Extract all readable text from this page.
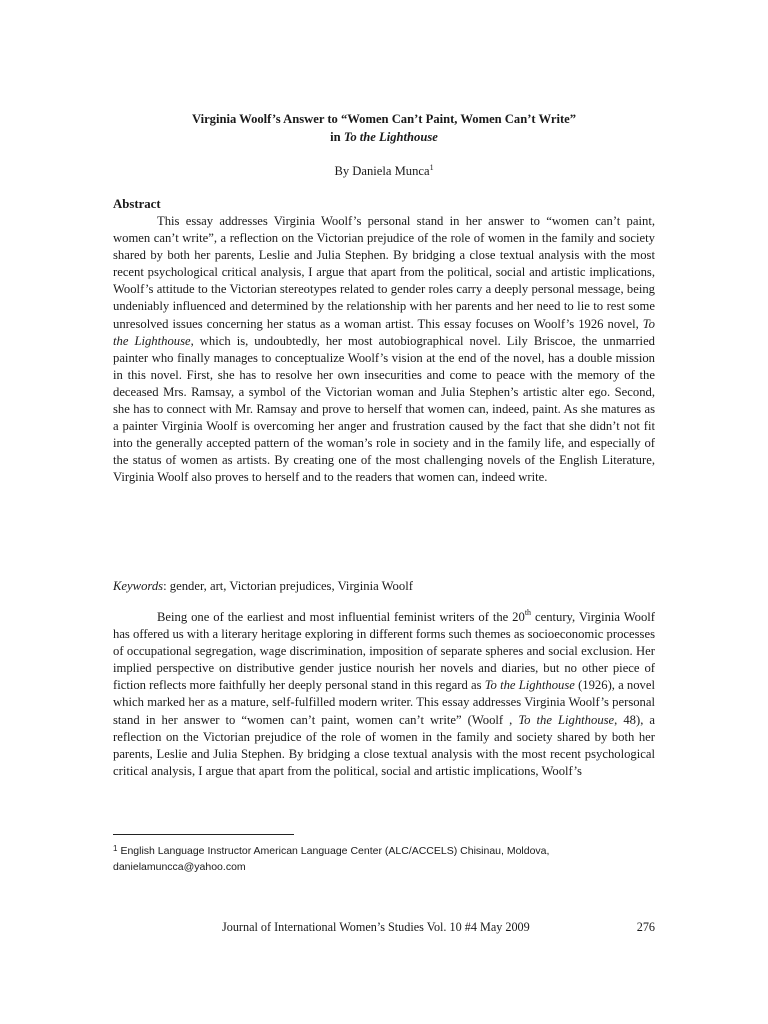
Virginia Woolf’s Answer to “Women Can’t Paint, Women Can’t Write”
in To the Lighthouse
By Daniela Munca$^1$
Abstract
This essay addresses Virginia Woolf’s personal stand in her answer to “women can’t paint, women can’t write”, a reflection on the Victorian prejudice of the role of women in the family and society shared by both her parents, Leslie and Julia Stephen. By bridging a close textual analysis with the most recent psychological critical analysis, I argue that apart from the political, social and artistic implications, Woolf’s attitude to the Victorian stereotypes related to gender roles carry a deeply personal message, being undeniably influenced and determined by the relationship with her parents and her need to lie to rest some unresolved issues concerning her status as a woman artist. This essay focuses on Woolf’s 1926 novel, To the Lighthouse, which is, undoubtedly, her most autobiographical novel. Lily Briscoe, the unmarried painter who finally manages to conceptualize Woolf’s vision at the end of the novel, has a double mission in this novel. First, she has to resolve her own insecurities and come to peace with the memory of the deceased Mrs. Ramsay, a symbol of the Victorian woman and Julia Stephen’s artistic alter ego. Second, she has to connect with Mr. Ramsay and prove to herself that women can, indeed, paint. As she matures as a painter Virginia Woolf is overcoming her anger and frustration caused by the fact that she didn’t not fit into the generally accepted pattern of the woman’s role in society and in the family life, and especially of the status of women as artists. By creating one of the most challenging novels of the English Literature, Virginia Woolf also proves to herself and to the readers that women can, indeed write.
Keywords: gender, art, Victorian prejudices, Virginia Woolf
Being one of the earliest and most influential feminist writers of the 20th century, Virginia Woolf has offered us with a literary heritage exploring in different forms such themes as socioeconomic processes of occupational segregation, wage discrimination, imposition of separate spheres and social exclusion. Her implied perspective on distributive gender justice nourish her novels and diaries, but no other piece of fiction reflects more faithfully her deeply personal stand in this regard as To the Lighthouse (1926), a novel which marked her as a mature, self-fulfilled modern writer. This essay addresses Virginia Woolf’s personal stand in her answer to “women can’t paint, women can’t write” (Woolf , To the Lighthouse, 48), a reflection on the Victorian prejudice of the role of women in the family and society shared by both her parents, Leslie and Julia Stephen. By bridging a close textual analysis with the most recent psychological critical analysis, I argue that apart from the political, social and artistic implications, Woolf’s
$^1$ English Language Instructor American Language Center (ALC/ACCELS) Chisinau, Moldova, danielamuncca@yahoo.com
Journal of International Women’s Studies Vol. 10 #4 May 2009	276
